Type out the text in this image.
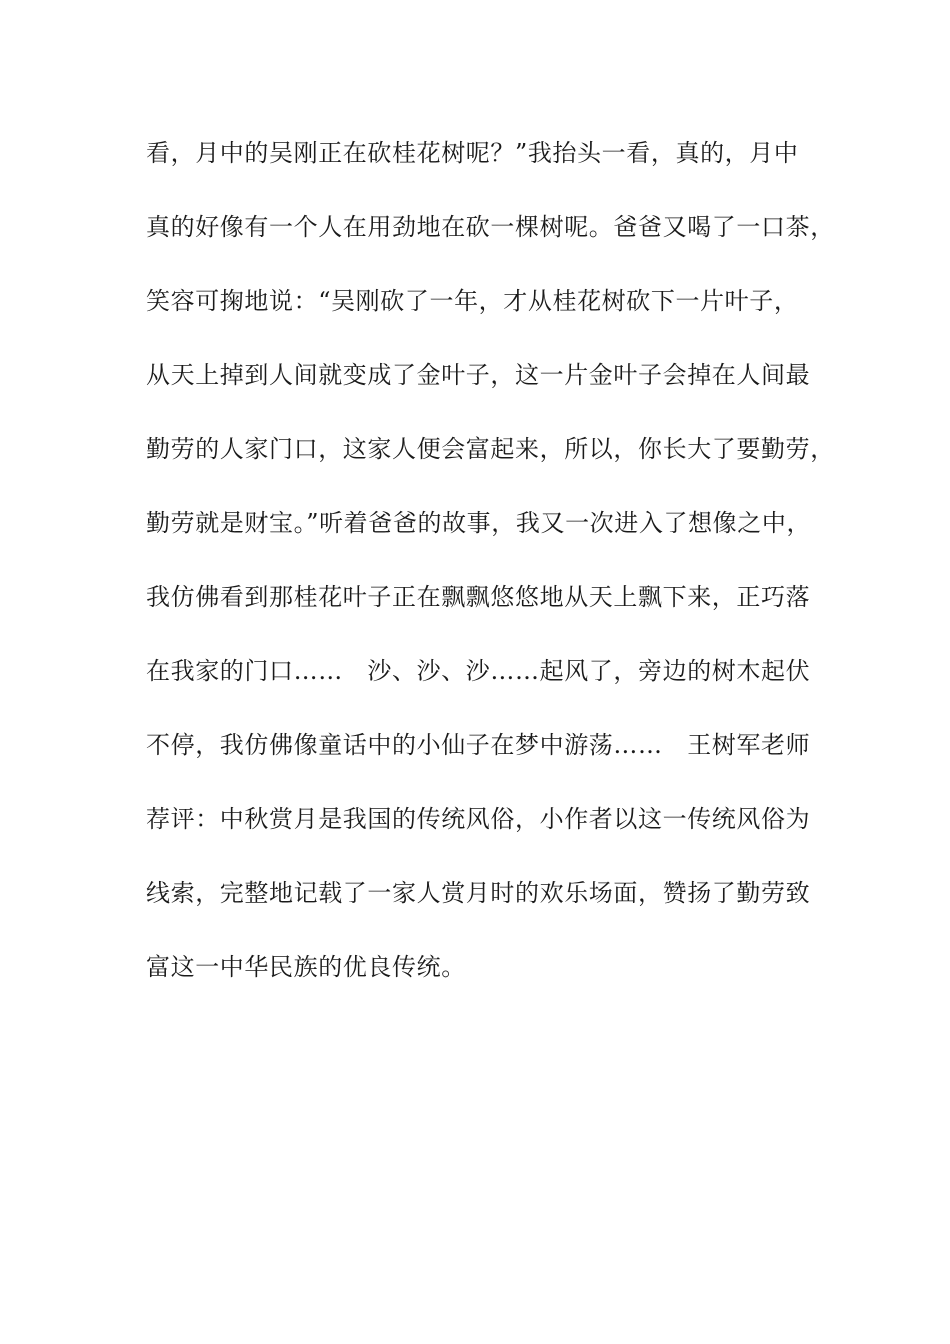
看，月中的吴刚正在砍桂花树呢？”我抬头一看，真的，月中
真的好像有一个人在用劲地在砍一棵树呢。爸爸又喝了一口茶，
笑容可掬地说：“吴刚砍了一年，才从桂花树砍下一片叶子，
从天上掉到人间就变成了金叶子，这一片金叶子会掉在人间最
勤劳的人家门口，这家人便会富起来，所以，你长大了要勤劳，
勤劳就是财宝。”听着爸爸的故事，我又一次进入了想像之中，
我仿佛看到那桂花叶子正在飘飘悠悠地从天上飘下来，正巧落
在我家的门口……　沙、沙、沙……起风了，旁边的树木起伏
不停，我仿佛像童话中的小仙子在梦中游荡……　王树军老师
荐评：中秋赏月是我国的传统风俗，小作者以这一传统风俗为
线索，完整地记载了一家人赏月时的欢乐场面，赞扬了勤劳致
富这一中华民族的优良传统。
